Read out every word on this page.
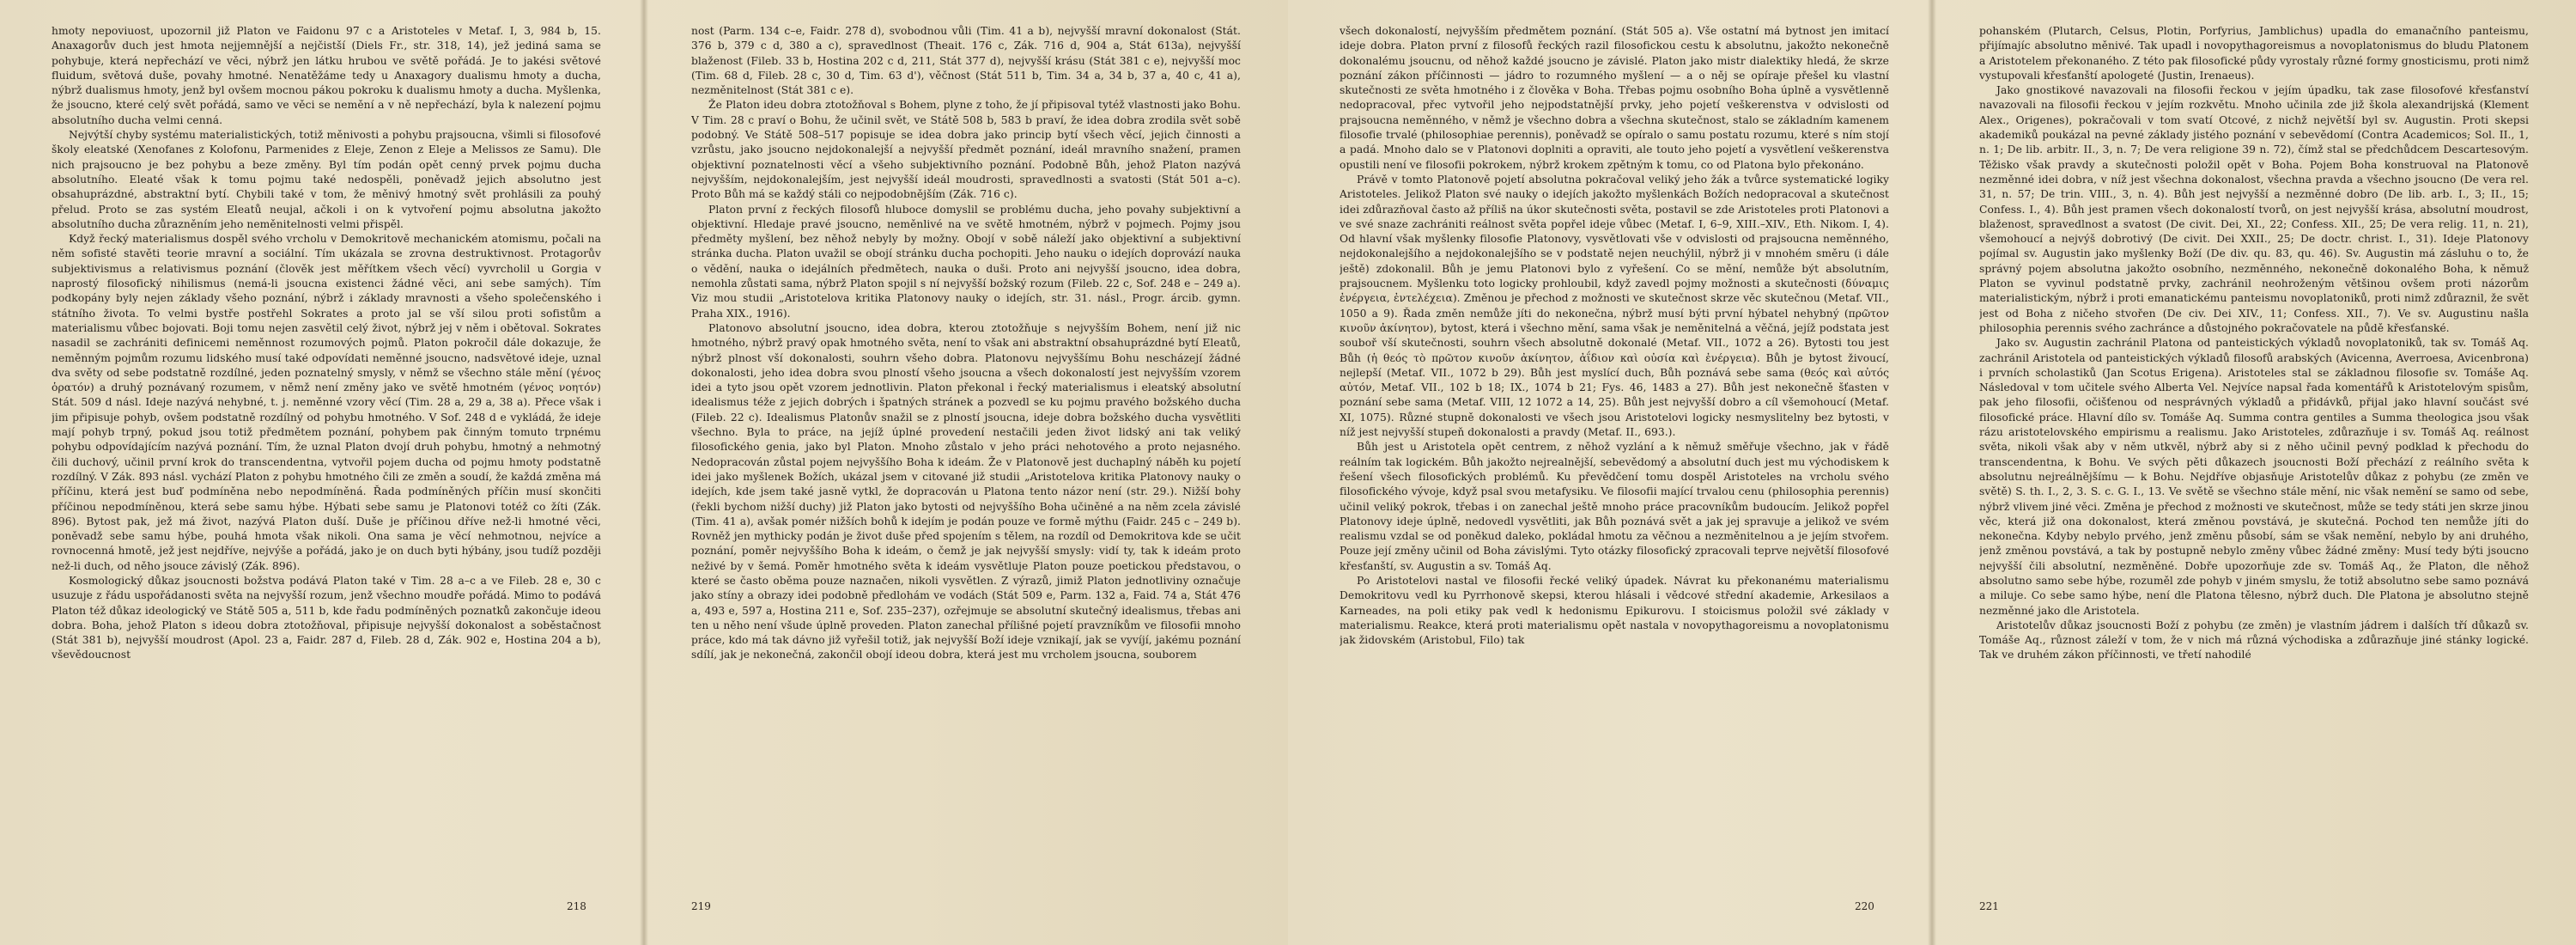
hmoty nepoviuost, upozornil již Platon ve Faidonu 97 c a Aristoteles v Metaf. I, 3, 984 b, 15. Anaxagorův duch jest hmota nejjemnější a nejčistší (Diels Fr., str. 318, 14), jež jediná sama se pohybuje, která nepřechází ve věci, nýbrž jen látku hrubou ve světě pořádá. Je to jakési světové fluidum, světová duše, povahy hmotné. Nenatěžáme tedy u Anaxagory dualismu hmoty a ducha, nýbrž dualismus hmoty, jenž byl ovšem mocnou pákou pokroku k dualismu hmoty a ducha. Myšlenka, že jsoucno, které celý svět pořádá, samo ve věci se nemění a v ně nepřechází, byla k nalezení pojmu absolutního ducha velmi cenná.

Nejvýtší chyby systému materialistických, totiž měnivosti a pohybu prajsoucna, všimli si filosofové školy eleatské (Xenofanes z Kolofonu, Parmenides z Eleje, Zenon z Eleje a Melissos ze Samu). Dle nich prajsoucno je bez pohybu a beze změny. Byl tím podán opět cenný prvek pojmu ducha absolutního. Eleaté však k tomu pojmu také nedospěli, poněvadž jejich absolutno jest obsahuprázdné, abstraktní bytí. Chybili také v tom, že měnivý hmotný svět prohlásili za pouhý přelud. Proto se zas systém Eleatů neujal, ačkoli i on k vytvoření pojmu absolutna jakožto absolutního ducha zůrazněním jeho neměnitelnosti velmi přispěl.

Když řecký materialismus dospěl svého vrcholu v Demokritově mechanickém atomismu, počali na něm sofisté stavěti teorie mravní a sociální. Tím ukázala se zrovna destruktivnost. Protagorův subjektivismus a relativismus poznání (člověk jest měřítkem všech věcí) vyvrcholil u Gorgia v naprostý filosofický nihilismus (nemá-li jsoucna existenci žádné věci, ani sebe samých). Tím podkopány byly nejen základy všeho poznání, nýbrž i základy mravnosti a všeho společenského i státního života. To velmi bystře postřehl Sokrates a proto jal se vší silou proti sofistům a materialismu vůbec bojovati. Boji tomu nejen zasvětil celý život, nýbrž jej v něm i obětoval. Sokrates nasadil se zachrániti definicemi neměnnost rozumových pojmů. Platon pokročil dále dokazuje, že neměnným pojmům rozumu lidského musí také odpovídati neměnné jsoucno, nadsvětové ideje, uznal dva světy od sebe podstatně rozdílné, jeden poznatelný smysly, v němž se všechno stále mění (γένος ὁρατόν) a druhý poznávaný rozumem, v němž není změny jako ve světě hmotném (γένος νοητόν) Stát. 509 d násl. Ideje nazývá nehybné, t. j. neměnné vzory věcí (Tim. 28 a, 29 a, 38 a). Přece však i jim připisuje pohyb, ovšem podstatně rozdílný od pohybu hmotného. V Sof. 248 d e vykládá, že ideje mají pohyb trpný, pokud jsou totiž předmětem poznání, pohybem pak činným tomuto trpnému pohybu odpovídajícím nazývá poznání. Tím, že uznal Platon dvojí druh pohybu, hmotný a nehmotný čili duchový, učinil první krok do transcendentna, vytvořil pojem ducha od pojmu hmoty podstatně rozdílný. V Zák. 893 násl. vychází Platon z pohybu hmotného čili ze změn a soudí, že každá změna má příčinu, která jest buď podmíněna nebo nepodmíněná. Řada podmíněných příčin musí skončiti příčinou nepodmíněnou, která sebe samu hýbe. Hýbati sebe samu je Platonovi totéž co žíti (Zák. 896). Bytost pak, jež má život, nazývá Platon duší. Duše je příčinou dříve než-li hmotné věci, poněvadž sebe samu hýbe, pouhá hmota však nikoli. Ona sama je věcí nehmotnou, nejvíce a rovnocenná hmotě, jež jest nejdříve, nejvýše a pořádá, jako je on duch byti hýbány, jsou tudíž později než-li duch, od něho jsouce závislý (Zák. 896).

Kosmologický důkaz jsoucnosti božstva podává Platon také v Tim. 28 a–c a ve Fileb. 28 e, 30 c usuzuje z řádu uspořádanosti světa na nejvyšší rozum, jenž všechno moudře pořádá. Mimo to podává Platon též důkaz ideologický ve Státě 505 a, 511 b, kde řadu podmíněných poznatků zakončuje ideou dobra. Boha, jehož Platon s ideou dobra ztotožňoval, připisuje nejvyšší dokonalost a soběstačnost (Stát 381 b), nejvyšší moudrost (Apol. 23 a, Faidr. 287 d, Fileb. 28 d, Zák. 902 e, Hostina 204 a b), vševědoucnost

218

nost (Parm. 134 c–e, Faidr. 278 d), svobodnou vůli (Tim. 41 a b), nejvyšší mravní dokonalost (Stát. 376 b, 379 c d, 380 a c), spravedlnost (Theait. 176 c, Zák. 716 d, 904 a, Stát 613a), nejvyšší blaženost (Fileb. 33 b, Hostina 202 c d, 211, Stát 377 d), nejvyšší krásu (Stát 381 c e), nejvyšší moc (Tim. 68 d, Fileb. 28 c, 30 d, Tim. 63 d'), věčnost (Stát 511 b, Tim. 34 a, 34 b, 37 a, 40 c, 41 a), nezměnitelnost (Stát 381 c e).

Že Platon ideu dobra ztotožňoval s Bohem, plyne z toho, že jí připisoval tytéž vlastnosti jako Bohu. V Tim. 28 c praví o Bohu, že učinil svět, ve Státě 508 b, 583 b praví, že idea dobra zrodila svět sobě podobný. Ve Státě 508–517 popisuje se idea dobra jako princip bytí všech věcí, jejich činnosti a vzrůstu, jako jsoucno nejdokonalejší a nejvyšší předmět poznání, ideál mravního snažení, pramen objektivní poznatelnosti věcí a všeho subjektivního poznání. Podobně Bůh, jehož Platon nazývá nejvyšším, nejdokonalejším, jest nejvyšší ideál moudrosti, spravedlnosti a svatosti (Stát 501 a–c). Proto Bůh má se každý stáli co nejpodobnějším (Zák. 716 c).

Platon první z řeckých filosofů hluboce domyslil se problému ducha, jeho povahy subjektivní a objektivní. Hledaje pravé jsoucno, neměnlivé na ve světě hmotném, nýbrž v pojmech. Pojmy jsou předměty myšlení, bez něhož nebyly by možny. Obojí v sobě náleží jako objektivní a subjektivní stránka ducha. Platon uvažil se obojí stránku ducha pochopiti. Jeho nauku o idejích doprovází nauka o vědění, nauka o idejálních předmětech, nauka o duši. Proto ani nejvyšší jsoucno, idea dobra, nemohla zůstati sama, nýbrž Platon spojil s ní nejvyšší božský rozum (Fileb. 22 c, Sof. 248 e – 249 a). Viz mou studii „Aristotelova kritika Platonovy nauky o idejích, str. 31. násl., Progr. árcib. gymn. Praha XIX., 1916).

Platonovo absolutní jsoucno, idea dobra, kterou ztotožňuje s nejvyšším Bohem, není již nic hmotného, nýbrž pravý opak hmotného světa, není to však ani abstraktní obsahuprázdné bytí Eleatů, nýbrž plnost vší dokonalosti, souhrn všeho dobra. Platonovu nejvyššímu Bohu nescházejí žádné dokonalosti, jeho idea dobra svou plností všeho jsoucna a všech dokonalostí jest nejvyšším vzorem idei a tyto jsou opět vzorem jednotlivin. Platon překonal i řecký materialismus i eleatský absolutní idealismus téže z jejich dobrých i špatných stránek a pozvedl se ku pojmu pravého božského ducha (Fileb. 22 c). Idealismus Platonův snažil se z plností jsoucna, ideje dobra božského ducha vysvětliti všechno. Byla to práce, na jejíž úplné provedení nestačili jeden život lidský ani tak veliký filosofického genia, jako byl Platon. Mnoho zůstalo v jeho práci nehotového a proto nejasného. Nedopracován zůstal pojem nejvyššího Boha k ideám. Že v Platonově jest duchaplný náběh ku pojetí idei jako myšlenek Božích, ukázal jsem v citované již studii „Aristotelova kritika Platonovy nauky o idejích, kde jsem také jasně vytkl, že dopracován u Platona tento názor není (str. 29.). Nižší bohy (řekli bychom nižší duchy) již Platon jako bytosti od nejvyššího Boha učiněné a na něm zcela závislé (Tim. 41 a), avšak pomér nižších bohů k idejím je podán pouze ve formě mýthu (Faidr. 245 c – 249 b). Rovněž jen mythicky podán je život duše před spojením s tělem, na rozdíl od Demokritova kde se učit poznání, poměr nejvyššího Boha k ideám, o čemž je jak nejvyšší smysly: vidí ty, tak k ideám proto neživé by v šemá. Poměr hmotného světa k ideám vysvětluje Platon pouze poetickou představou, o které se často oběma pouze naznačen, nikoli vysvětlen. Z výrazů, jimiž Platon jednotliviny označuje jako stíny a obrazy idei podobně předlohám ve vodách (Stát 509 e, Parm. 132 a, Faid. 74 a, Stát 476 a, 493 e, 597 a, Hostina 211 e, Sof. 235–237), ozřejmuje se absolutní skutečný idealismus, třebas ani ten u něho není všude úplně proveden. Platon zanechal přílišné pojetí pravzníkům ve filosofii mnoho práce, kdo má tak dávno již vyřešil totiž, jak nejvyšší Boží ideje vznikají, jak se vyvíjí, jakému poznání sdílí, jak je nekonečná, zakončil obojí ideou dobra, která jest mu vrcholem jsoucna, souborem

219

všech dokonalostí, nejvyšším předmětem poznání. (Stát 505 a). Vše ostatní má bytnost jen imitací ideje dobra. Platon první z filosofů řeckých razil filosofickou cestu k absolutnu, jakožto nekonečně dokonalému jsoucnu, od něhož každé jsoucno je závislé. Platon jako mistr dialektiky hledá, že skrze poznání zákon příčinnosti — jádro to rozumného myšlení — a o něj se opíraje přešel ku vlastní skutečnosti ze světa hmotného i z člověka v Boha. Třebas pojmu osobního Boha úplně a vysvětlenně nedopracoval, přec vytvořil jeho nejpodstatnější prvky, jeho pojetí veškerenstva v odvislosti od prajsoucna neměnného, v němž je všechno dobra a všechna skutečnost, stalo se základním kamenem filosofie trvalé (philosophiae perennis), poněvadž se opíralo o samu postatu rozumu, které s ním stojí a padá. Mnoho dalo se v Platonovi doplniti a opraviti, ale touto jeho pojetí a vysvětlení veškerenstva opustili není ve filosofii pokrokem, nýbrž krokem zpětným k tomu, co od Platona bylo překonáno.

Právě v tomto Platonově pojetí absolutna pokračoval veliký jeho žák a tvůrce systematické logiky Aristoteles. Jelikož Platon své nauky o idejích jakožto myšlenkách Božích nedopracoval a skutečnost idei zdůrazňoval často až příliš na úkor skutečnosti světa, postavil se zde Aristoteles proti Platonovi a ve své snaze zachrániti reálnost světa popřel ideje vůbec (Metaf. I, 6–9, XIII.–XIV., Eth. Nikom. I, 4). Od hlavní však myšlenky filosofie Platonovy, vysvětlovati vše v odvislosti od prajsoucna neměnného, nejdokonalejšího a nejdokonalejšího se v podstatě nejen neuchýlil, nýbrž ji v mnohém směru (i dále ještě) zdokonalil. Bůh je jemu Platonovi bylo z vyřešení. Co se mění, nemůže být absolutním, prajsoucnem. Myšlenku toto logicky prohloubil, když zavedl pojmy možnosti a skutečnosti (δύναμις ἐνέργεια, ἐντελέχεια). Změnou je přechod z možnosti ve skutečnost skrze věc skutečnou (Metaf. VII., 1050 a 9). Řada změn nemůže jíti do nekonečna, nýbrž musí býti první hýbatel nehybný (πρῶτον κινοῦν ἀκίνητον), bytost, která i všechno mění, sama však je neměnitelná a věčná, jejíž podstata jest souboř vší skutečnosti, souhrn všech absolutně dokonalé (Metaf. VII., 1072 a 26). Bytosti tou jest Bůh (ἡ θεός τὸ πρῶτον κινοῦν ἀκίνητον, ἀΐδιον καὶ οὐσία καὶ ἐνέργεια). Bůh je bytost živoucí, nejlepší (Metaf. VII., 1072 b 29). Bůh jest myslící duch, Bůh poznává sebe sama (θεός καὶ αὐτός αὐτόν, Metaf. VII., 102 b 18; IX., 1074 b 21; Fys. 46, 1483 a 27). Bůh jest nekonečně šťasten v poznání sebe sama (Metaf. VIII, 12 1072 a 14, 25). Bůh jest nejvyšší dobro a cíl všemohoucí (Metaf. XI, 1075). Různé stupně dokonalosti ve všech jsou Aristotelovi logicky nesmyslitelny bez bytosti, v níž jest nejvyšší stupeň dokonalosti a pravdy (Metaf. II., 693.).

Bůh jest u Aristotela opět centrem, z něhož vyzlání a k němuž směřuje všechno, jak v řádě reálním tak logickém. Bůh jakožto nejrealnější, sebevědomý a absolutní duch jest mu východiskem k řešení všech filosofických problémů. Ku převědčení tomu dospěl Aristoteles na vrcholu svého filosofického vývoje, když psal svou metafysiku. Ve filosofii mající trvalou cenu (philosophia perennis) učinil veliký pokrok, třebas i on zanechal ještě mnoho práce pracovníkům budoucím. Jelikož popřel Platonovy ideje úplně, nedovedl vysvětliti, jak Bůh poznává svět a jak jej spravuje a jelikož ve svém realismu vzdal se od poněkud daleko, pokládal hmotu za věčnou a nezměnitelnou a je jejím stvořem. Pouze její změny učinil od Boha závislými. Tyto otázky filosofický zpracovali teprve největší filosofové křesťanští, sv. Augustin a sv. Tomáš Aq.

Po Aristotelovi nastal ve filosofii řecké veliký úpadek. Návrat ku překonanému materialismu Demokritovu vedl ku Pyrrhonově skepsi, kterou hlásali i vědcové střední akademie, Arkesilaos a Karneades, na poli etiky pak vedl k hedonismu Epikurovu. I stoicismus položil své základy v materialismu. Reakce, která proti materialismu opět nastala v novopythagoreismu a novoplatonismu jak židovském (Aristobul, Filo) tak

220

pohanském (Plutarch, Celsus, Plotin, Porfyrius, Jamblichus) upadla do emanačního panteismu, přijímajíc absolutno měnivé. Tak upadl i novopythagoreismus a novoplatonismus do bludu Platonem a Aristotelem překonaného. Z této pak filosofické půdy vyrostaly různé formy gnosticismu, proti nimž vystupovali křesťanští apologeté (Justin, Irenaeus).

Jako gnostikové navazovali na filosofii řeckou v jejím úpadku, tak zase filosofové křesťanství navazovali na filosofii řeckou v jejím rozkvětu. Mnoho učinila zde již škola alexandrijská (Klement Alex., Origenes), pokračovali v tom svatí Otcové, z nichž největší byl sv. Augustin. Proti skepsi akademiků poukázal na pevné základy jistého poznání v sebevědomí (Contra Academicos; Sol. II., 1, n. 1; De lib. arbitr. II., 3, n. 7; De vera religione 39 n. 72), čímž stal se předchůdcem Descartesovým. Těžisko však pravdy a skutečnosti položil opět v Boha. Pojem Boha konstruoval na Platonově nezměnné idei dobra, v níž jest všechna dokonalost, všechna pravda a všechno jsoucno (De vera rel. 31, n. 57; De trin. VIII., 3, n. 4). Bůh jest nejvyšší a nezměnné dobro (De lib. arb. I., 3; II., 15; Confess. I., 4). Bůh jest pramen všech dokonalostí tvorů, on jest nejvyšší krása, absolutní moudrost, blaženost, spravedlnost a svatost (De civit. Dei, XI., 22; Confess. XII., 25; De vera relig. 11, n. 21), všemohoucí a nejvýš dobrotivý (De civit. Dei XXII., 25; De doctr. christ. I., 31). Ideje Platonovy pojímal sv. Augustin jako myšlenky Boží (De div. qu. 83, qu. 46). Sv. Augustin má zásluhu o to, že správný pojem absolutna jakožto osobního, nezměnného, nekonečně dokonalého Boha, k němuž Platon se vyvinul podstatně prvky, zachránil neohroženým většinou ovšem proti názorům materialistickým, nýbrž i proti emanatickému panteismu novoplatoniků, proti nimž zdůraznil, že svět jest od Boha z ničeho stvořen (De civ. Dei XIV., 11; Confess. XII., 7). Ve sv. Augustinu našla philosophia perennis svého zachránce a důstojného pokračovatele na půdě křesťanské.

Jako sv. Augustin zachránil Platona od panteistických výkladů novoplatoniků, tak sv. Tomáš Aq. zachránil Aristotela od panteistických výkladů filosofů arabských (Avicenna, Averroesa, Avicenbrona) i prvních scholastiků (Jan Scotus Erigena). Aristoteles stal se základnou filosofie sv. Tomáše Aq. Následoval v tom učitele svého Alberta Vel. Nejvíce napsal řada komentářů k Aristotelovým spisům, pak jeho filosofii, očišťenou od nesprávných výkladů a přidávků, přijal jako hlavní součást své filosofické práce. Hlavní dílo sv. Tomáše Aq. Summa contra gentiles a Summa theologica jsou však rázu aristotelovského empirismu a realismu. Jako Aristoteles, zdůrazňuje i sv. Tomáš Aq. reálnost světa, nikoli však aby v něm utkvěl, nýbrž aby si z něho učinil pevný podklad k přechodu do transcendentna, k Bohu. Ve svých pěti důkazech jsoucnosti Boží přechází z reálního světa k absolutnu nejreálnějšímu — k Bohu. Nejdříve objasňuje Aristotelův důkaz z pohybu (ze změn ve světě) S. th. I., 2, 3. S. c. G. I., 13. Ve světě se všechno stále mění, nic však nemění se samo od sebe, nýbrž vlivem jiné věci. Změna je přechod z možnosti ve skutečnost, může se tedy státi jen skrze jinou věc, která již ona dokonalost, která změnou povstává, je skutečná. Pochod ten nemůže jíti do nekonečna. Kdyby nebylo prvého, jenž změnu působí, sám se však nemění, nebylo by ani druhého, jenž změnou povstává, a tak by postupně nebylo změny vůbec žádné změny: Musí tedy býti jsoucno nejvyšší čili absolutní, nezměněné. Dobře upozorňuje zde sv. Tomáš Aq., že Platon, dle něhož absolutno samo sebe hýbe, rozuměl zde pohyb v jiném smyslu, že totiž absolutno sebe samo poznává a miluje. Co sebe samo hýbe, není dle Platona tělesno, nýbrž duch. Dle Platona je absolutno stejně nezměnné jako dle Aristotela.

Aristotelův důkaz jsoucnosti Boží z pohybu (ze změn) je vlastním jádrem i dalších tří důkazů sv. Tomáše Aq., různost záleží v tom, že v nich má různá východiska a zdůrazňuje jiné stánky logické. Tak ve druhém zákon příčinnosti, ve třetí nahodilé

221
